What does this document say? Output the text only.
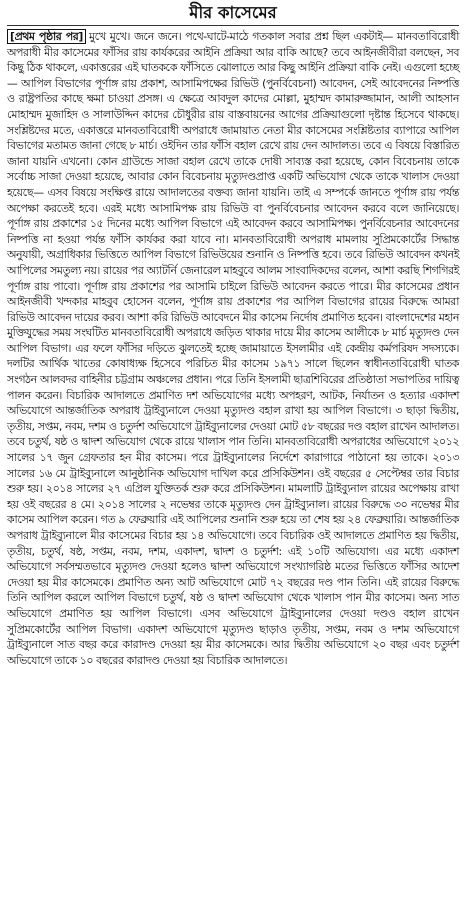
মীর কাসেমের
[প্রথম পৃষ্ঠার পর] মুখে মুখে। জনে জনে। পথে-ঘাটে-মাঠে গতকাল সবার প্রশ্ন ছিল একটাই— মানবতাবিরোধী অপরাধী মীর কাসেমের ফাঁসির রায় কার্যকরের আইনি প্রক্রিয়া আর বাকি আছে? তবে আইনজীবীরা বলছেন, সব কিছু ঠিক থাকলে, একাত্তরের এই ঘাতককে ফাঁসিতে ঝোলাতে আর কিছু আইনি প্রক্রিয়া বাকি নেই। এগুলো হচ্ছে— আপিল বিভাগের পূর্ণাঙ্গ রায় প্রকাশ, আসামিপক্ষের রিভিউ (পুনর্বিবেচনা) আবেদন, সেই আবেদনের নিষ্পত্তি ও রাষ্ট্রপতির কাছে ক্ষমা চাওয়া প্রসঙ্গ। এ ক্ষেত্রে আবদুল কাদের মোল্লা, মুহাম্মদ কামারুজ্জামান, আলী আহসান মোহাম্মদ মুজাহিদ ও সালাউদ্দিন কাদের চৌধুরীর রায় বাস্তবায়নের আগের প্রক্রিয়াগুলো দৃষ্টান্ত হিসেবে থাকছে। সংশ্লিষ্টদের মতে, একাত্তরে মানবতাবিরোধী অপরাধে জামায়াত নেতা মীর কাসেমের সংশ্লিষ্টতার ব্যাপারে আপিল বিভাগের মতামত জানা গেছে ৮ মার্চ। ওইদিন তার ফাঁসি বহাল রেখে রায় দেন আদালত। তবে এ বিষয়ে বিস্তারিত জানা যায়নি এখনো। কোন গ্রাউন্ডে সাজা বহাল রেখে তাকে দোষী সাব্যস্ত করা হয়েছে, কোন বিবেচনায় তাকে সর্বোচ্চ সাজা দেওয়া হয়েছে, আবার কোন বিবেচনায় মৃত্যুদণ্ডপ্রাপ্ত একটি অভিযোগ থেকে তাকে খালাস দেওয়া হয়েছে— এসব বিষয়ে সংক্ষিপ্ত রায়ে আদালতের বক্তব্য জানা যায়নি। তাই এ সম্পর্কে জানতে পূর্ণাঙ্গ রায় পর্যন্ত অপেক্ষা করতেই হবে। এরই মধ্যে আসামিপক্ষ রায় রিভিউ বা পুনর্বিবেচনার আবেদন করবে বলে জানিয়েছে। পূর্ণাঙ্গ রায় প্রকাশের ১৫ দিনের মধ্যে আপিল বিভাগে এই আবেদন করবে আসামিপক্ষ। পুনর্বিবেচনার আবেদনের নিষ্পত্তি না হওয়া পর্যন্ত ফাঁসি কার্যকর করা যাবে না। মানবতাবিরোধী অপরাধ মামলায় সুপ্রিমকোর্টের সিদ্ধান্ত অনুযায়ী, অগ্রাধিকার ভিত্তিতে আপিল বিভাগে রিভিউয়ের শুনানি ও নিষ্পত্তি হবে। তবে রিভিউ আবেদন কখনই আপিলের সমতুল্য নয়। রায়ের পর অ্যাটর্নি জেনারেল মাহবুবে আলম সাংবাদিকদের বলেন, আশা করছি শিগগিরই পূর্ণাঙ্গ রায় পাবো। পূর্ণাঙ্গ রায় প্রকাশের পর আসামি চাইলে রিভিউ আবেদন করতে পারে। মীর কাসেমের প্রধান আইনজীবী খন্দকার মাহবুব হোসেন বলেন, পূর্ণাঙ্গ রায় প্রকাশের পর আপিল বিভাগের রায়ের বিরুদ্ধে আমরা রিভিউ আবেদন দায়ের করব। আশা করি রিভিউ আবেদনে মীর কাসেম নির্দোষ প্রমাণিত হবেন। বাংলাদেশের মহান মুক্তিযুদ্ধের সময় সংঘটিত মানবতাবিরোধী অপরাধে জড়িত থাকার দায়ে মীর কাসেম আলীকে ৮ মার্চ মৃত্যুদণ্ড দেন আপিল বিভাগ। এর ফলে ফাঁসির দড়িতে ঝুলতেই হচ্ছে জামায়াতে ইসলামীর এই কেন্দ্রীয় কর্মপরিষদ সদস্যকে। দলটির আর্থিক খাতের কোষাধ্যক্ষ হিসেবে পরিচিত মীর কাসেম ১৯৭১ সালে ছিলেন স্বাধীনতাবিরোধী ঘাতক সংগঠন আলবদর বাহিনীর চট্টগ্রাম অঞ্চলের প্রধান। পরে তিনি ইসলামী ছাত্রশিবিরের প্রতিষ্ঠাতা সভাপতির দায়িত্ব পালন করেন। বিচারিক আদালতে প্রমাণিত দশ অভিযোগের মধ্যে অপহরণ, আটক, নির্যাতন ও হত্যার একাদশ অভিযোগে আন্তর্জাতিক অপরাধ ট্রাইব্যুনালে দেওয়া মৃত্যুদণ্ড বহাল রাখা হয় আপিল বিভাগে। ৩ ছাড়া দ্বিতীয়, তৃতীয়, সপ্তম, নবম, দশম ও চতুর্দশ অভিযোগে ট্রাইব্যুনালের দেওয়া মোট ৫৮ বছরের দণ্ড বহাল রাখেন আদালত। তবে চতুর্থ, ষষ্ঠ ও দ্বাদশ অভিযোগ থেকে রায়ে খালাস পান তিনি। মানবতাবিরোধী অপরাধের অভিযোগে ২০১২ সালের ১৭ জুন গ্রেফতার হন মীর কাসেম। পরে ট্রাইব্যুনালের নির্দেশে কারাগারে পাঠানো হয় তাকে। ২০১৩ সালের ১৬ মে ট্রাইব্যুনালে আনুষ্ঠানিক অভিযোগ দাখিল করে প্রসিকিউশন। ওই বছরের ৫ সেপ্টেম্বর তার বিচার শুরু হয়। ২০১৪ সালের ২৭ এপ্রিল যুক্তিতর্ক শুরু করে প্রসিকিউশন। মামলাটি ট্রাইব্যুনাল রায়ের অপেক্ষায় রাখা হয় ওই বছরের ৪ মে। ২০১৪ সালের ২ নভেম্বর তাকে মৃত্যুদণ্ড দেন ট্রাইব্যুনাল। রায়ের বিরুদ্ধে ৩০ নভেম্বর মীর কাসেম আপিল করেন। গত ৯ ফেব্রুয়ারি এই আপিলের শুনানি শুরু হয়ে তা শেষ হয় ২৪ ফেব্রুয়ারি। আন্তর্জাতিক অপরাধ ট্রাইব্যুনালে মীর কাসেমের বিচার হয় ১৪ অভিযোগে। তবে বিচারিক ওই আদালতে প্রমাণিত হয় দ্বিতীয়, তৃতীয়, চতুর্থ, ষষ্ঠ, সপ্তম, নবম, দশম, একাদশ, দ্বাদশ ও চতুর্দশ: এই ১০টি অভিযোগ। এর মধ্যে একাদশ অভিযোগে সর্বসম্মতভাবে মৃত্যুদণ্ড দেওয়া হলেও দ্বাদশ অভিযোগে সংখ্যাগরিষ্ঠ মতের ভিত্তিতে ফাঁসির আদেশ দেওয়া হয় মীর কাসেমকে। প্রমাণিত অন্য আট অভিযোগে মোট ৭২ বছরের দণ্ড পান তিনি। এই রায়ের বিরুদ্ধে তিনি আপিল করলে আপিল বিভাগে চতুর্থ, ষষ্ঠ ও দ্বাদশ অভিযোগ থেকে খালাস পান মীর কাসেম। অন্য সাত অভিযোগে প্রমাণিত হয় আপিল বিভাগে। এসব অভিযোগে ট্রাইব্যুনালের দেওয়া দণ্ডও বহাল রাখেন সুপ্রিমকোর্টের আপিল বিভাগ। একাদশ অভিযোগে মৃত্যুদণ্ড ছাড়াও তৃতীয়, সপ্তম, নবম ও দশম অভিযোগে ট্রাইব্যুনালে সাত বছর করে কারাদণ্ড দেওয়া হয় মীর কাসেমকে। আর দ্বিতীয় অভিযোগে ২০ বছর এবং চতুর্দশ অভিযোগে তাকে ১০ বছরের কারাদণ্ড দেওয়া হয় বিচারিক আদালতে।
